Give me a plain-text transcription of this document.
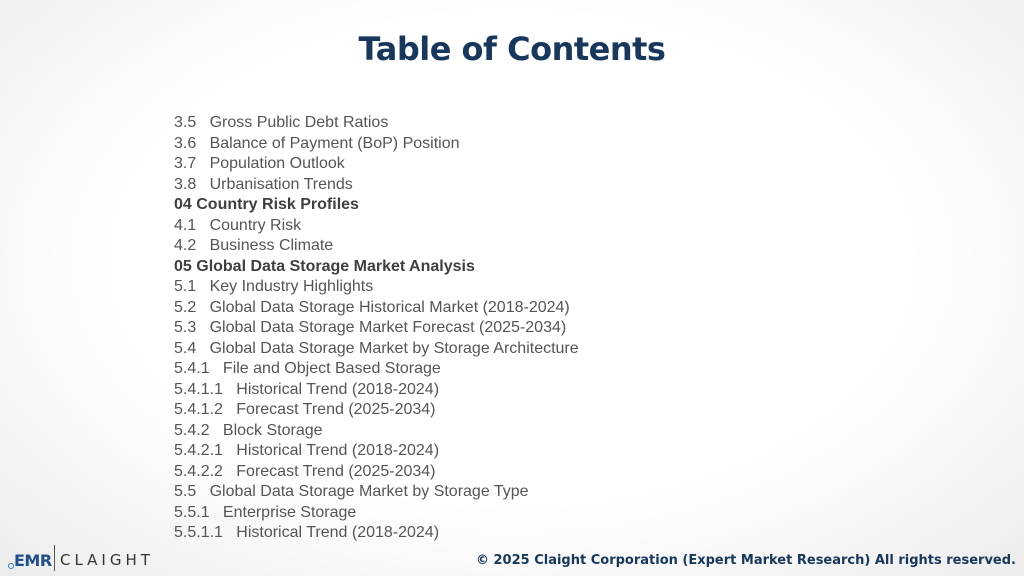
Table of Contents
3.5   Gross Public Debt Ratios
3.6   Balance of Payment (BoP) Position
3.7   Population Outlook
3.8   Urbanisation Trends
04 Country Risk Profiles
4.1   Country Risk
4.2   Business Climate
05 Global Data Storage Market Analysis
5.1   Key Industry Highlights
5.2   Global Data Storage Historical Market (2018-2024)
5.3   Global Data Storage Market Forecast (2025-2034)
5.4   Global Data Storage Market by Storage Architecture
5.4.1   File and Object Based Storage
5.4.1.1   Historical Trend (2018-2024)
5.4.1.2   Forecast Trend (2025-2034)
5.4.2   Block Storage
5.4.2.1   Historical Trend (2018-2024)
5.4.2.2   Forecast Trend (2025-2034)
5.5   Global Data Storage Market by Storage Type
5.5.1   Enterprise Storage
5.5.1.1   Historical Trend (2018-2024)
EMR CLAIGHT	© 2025 Claight Corporation (Expert Market Research) All rights reserved.
